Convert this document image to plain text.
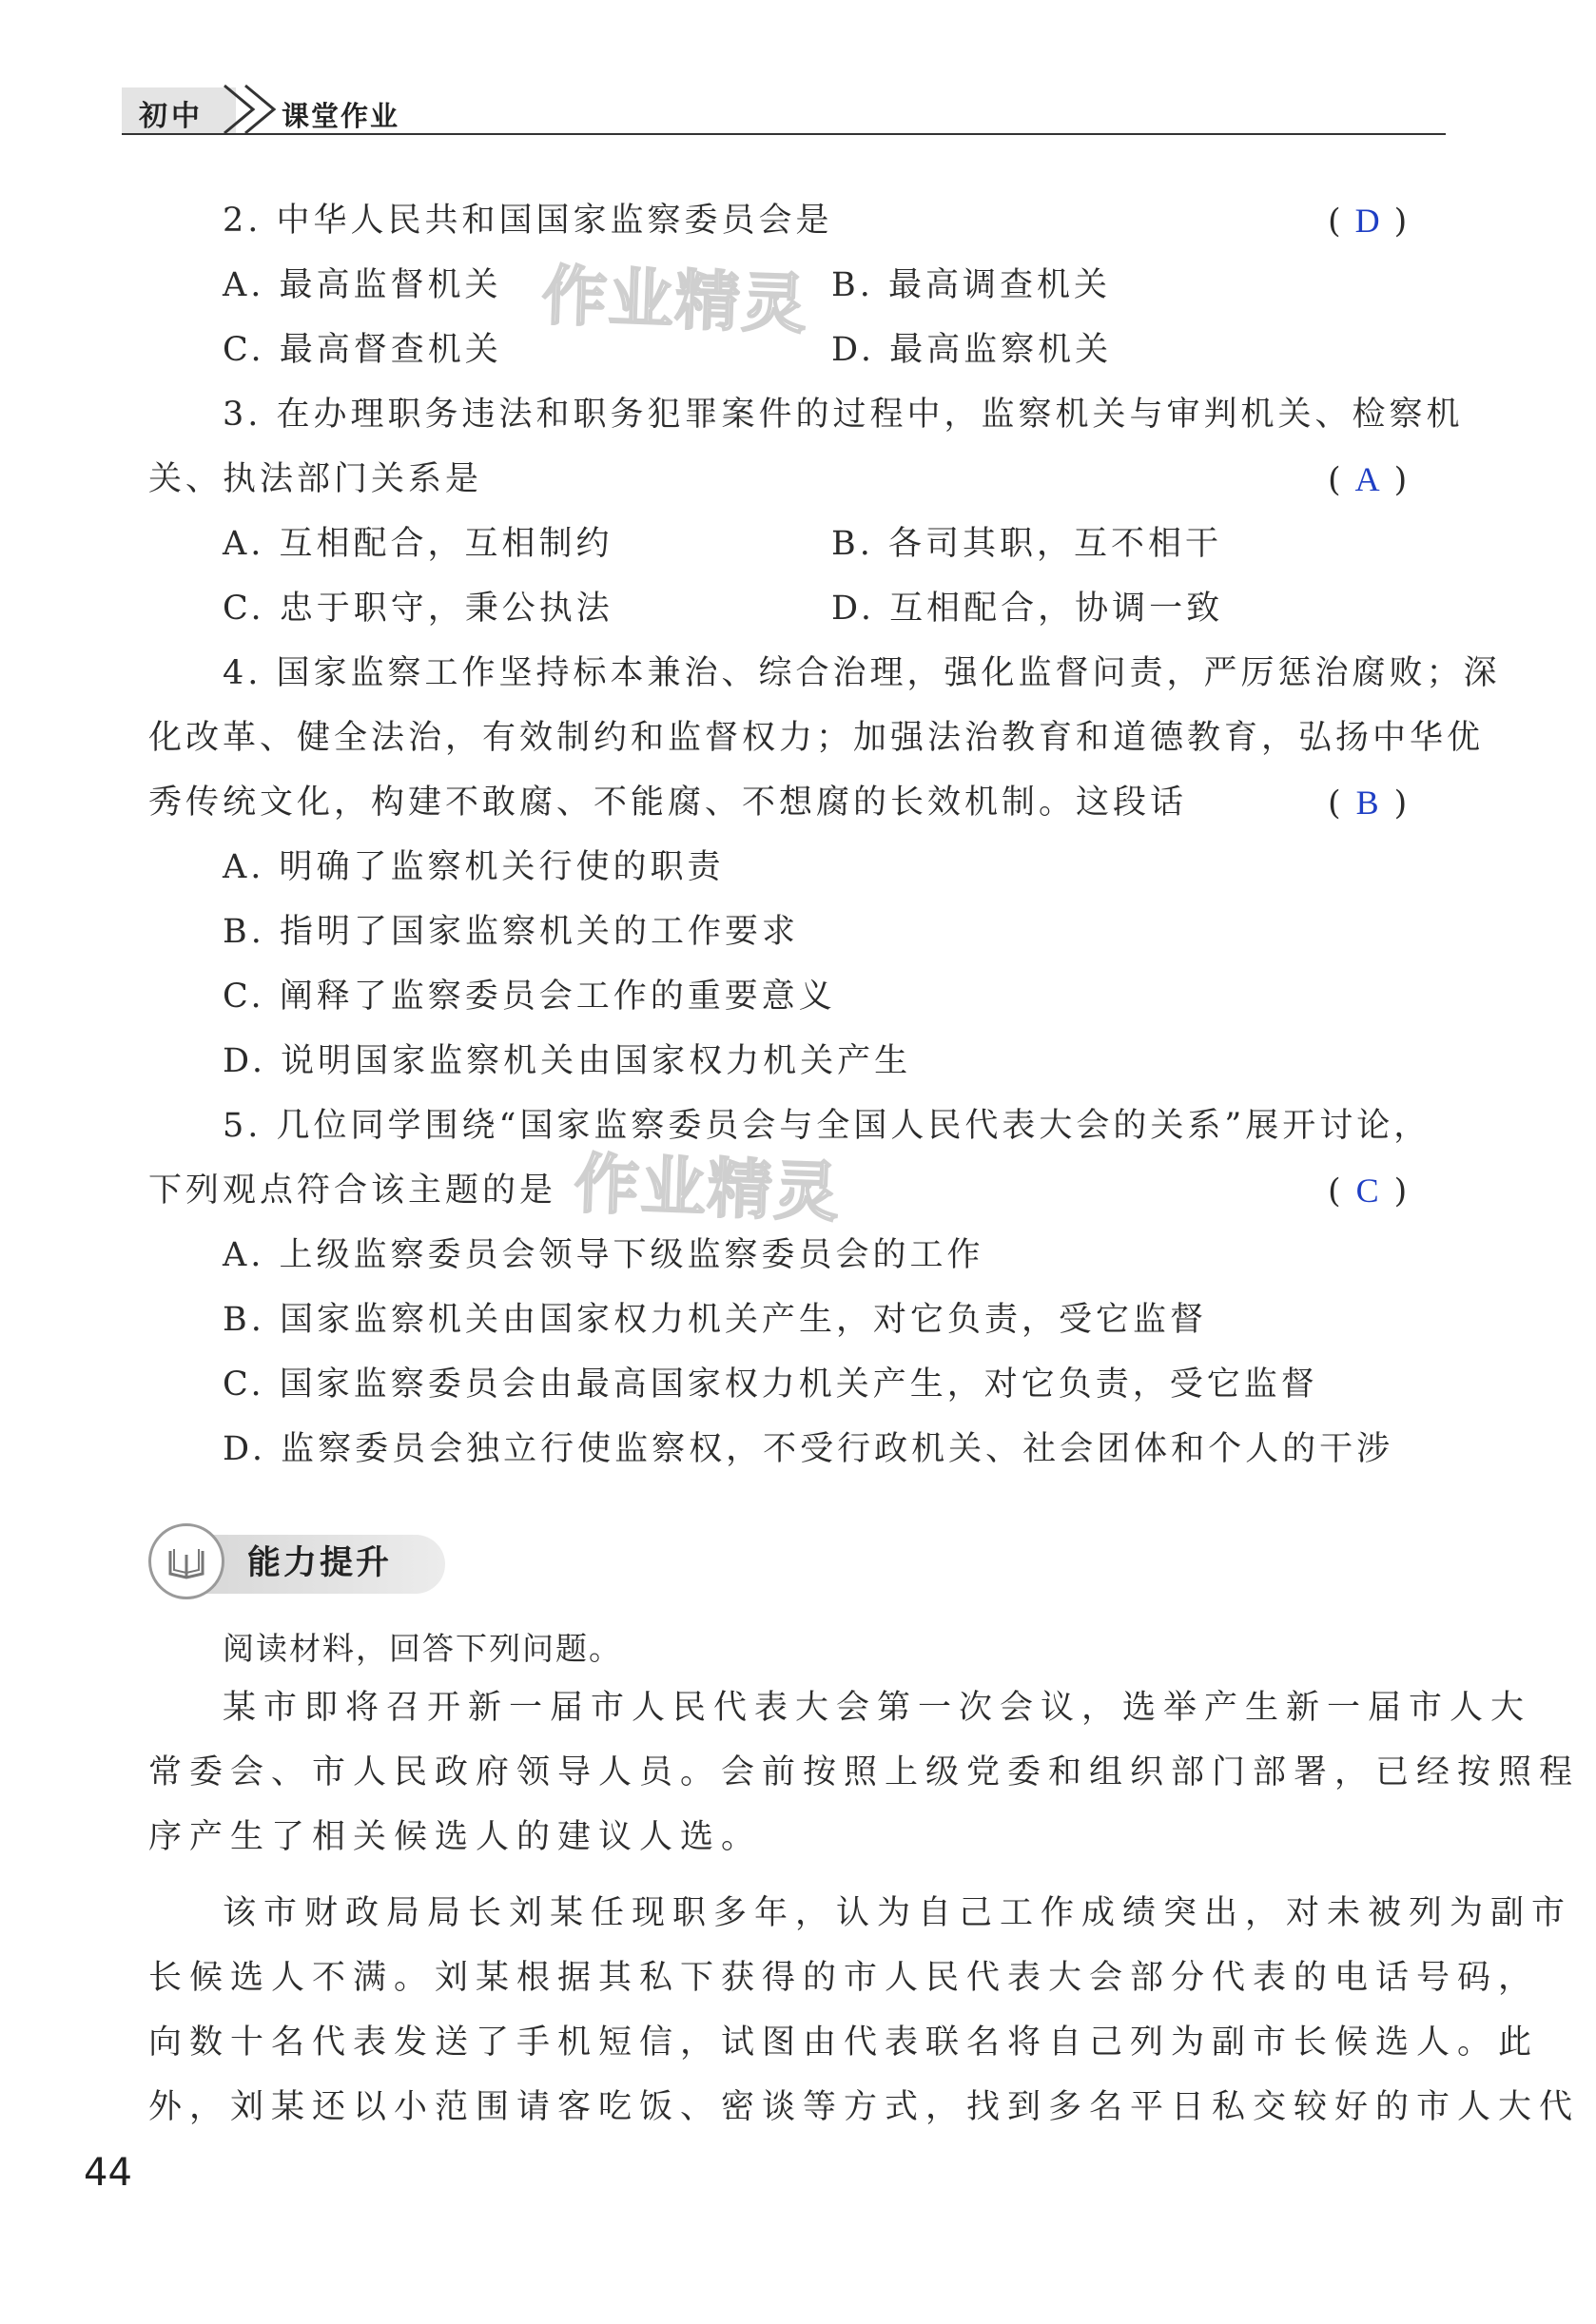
初中	课堂作业
2. 中华人民共和国国家监察委员会是	( D )
A. 最高监督机关	B. 最高调查机关
C. 最高督查机关	D. 最高监察机关
作业精灵
3. 在办理职务违法和职务犯罪案件的过程中，监察机关与审判机关、检察机
关、执法部门关系是	( A )
A. 互相配合，互相制约	B. 各司其职，互不相干
C. 忠于职守，秉公执法	D. 互相配合，协调一致
4. 国家监察工作坚持标本兼治、综合治理，强化监督问责，严厉惩治腐败；深
化改革、健全法治，有效制约和监督权力；加强法治教育和道德教育，弘扬中华优
秀传统文化，构建不敢腐、不能腐、不想腐的长效机制。这段话	( B )
A. 明确了监察机关行使的职责
B. 指明了国家监察机关的工作要求
C. 阐释了监察委员会工作的重要意义
D. 说明国家监察机关由国家权力机关产生
5. 几位同学围绕“国家监察委员会与全国人民代表大会的关系”展开讨论，
下列观点符合该主题的是	( C )
作业精灵
A. 上级监察委员会领导下级监察委员会的工作
B. 国家监察机关由国家权力机关产生，对它负责，受它监督
C. 国家监察委员会由最高国家权力机关产生，对它负责，受它监督
D. 监察委员会独立行使监察权，不受行政机关、社会团体和个人的干涉
能力提升
阅读材料，回答下列问题。
某市即将召开新一届市人民代表大会第一次会议，选举产生新一届市人大
常委会、市人民政府领导人员。会前按照上级党委和组织部门部署，已经按照程
序产生了相关候选人的建议人选。
该市财政局局长刘某任现职多年，认为自己工作成绩突出，对未被列为副市
长候选人不满。刘某根据其私下获得的市人民代表大会部分代表的电话号码，
向数十名代表发送了手机短信，试图由代表联名将自己列为副市长候选人。此
外，刘某还以小范围请客吃饭、密谈等方式，找到多名平日私交较好的市人大代
44
